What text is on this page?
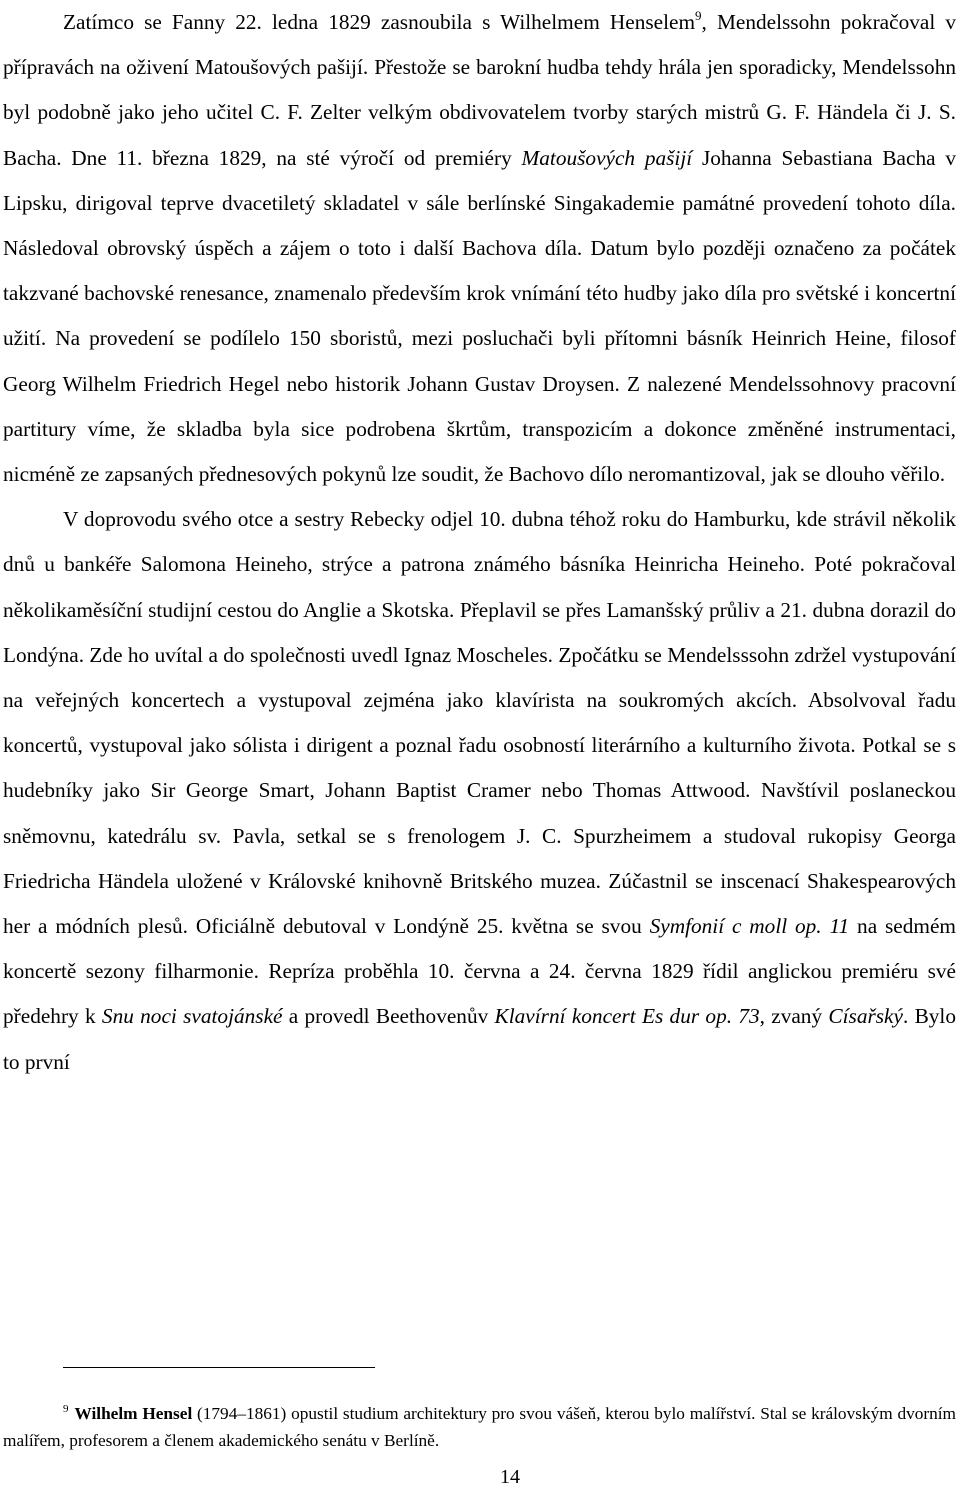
Zatímco se Fanny 22. ledna 1829 zasnoubila s Wilhelmem Henselem$^9$, Mendelssohn pokračoval v přípravách na oživení Matoušových pašijí. Přestože se barokní hudba tehdy hrála jen sporadicky, Mendelssohn byl podobně jako jeho učitel C. F. Zelter velkým obdivovatelem tvorby starých mistrů G. F. Händela či J. S. Bacha. Dne 11. března 1829, na sté výročí od premiéry Matoušových pašijí Johanna Sebastiana Bacha v Lipsku, dirigoval teprve dvacetiletý skladatel v sále berlínské Singakademie památné provedení tohoto díla. Následoval obrovský úspěch a zájem o toto i další Bachova díla. Datum bylo později označeno za počátek takzvané bachovské renesance, znamenalo především krok vnímání této hudby jako díla pro světské i koncertní užití. Na provedení se podílelo 150 sboristů, mezi posluchači byli přítomni básník Heinrich Heine, filosof Georg Wilhelm Friedrich Hegel nebo historik Johann Gustav Droysen. Z nalezené Mendelssohnovy pracovní partitury víme, že skladba byla sice podrobena škrtům, transpozicím a dokonce změněné instrumentaci, nicméně ze zapsaných přednesových pokynů lze soudit, že Bachovo dílo neromantizoval, jak se dlouho věřilo.

V doprovodu svého otce a sestry Rebecky odjel 10. dubna téhož roku do Hamburku, kde strávil několik dnů u bankéře Salomona Heineho, strýce a patrona známého básníka Heinricha Heineho. Poté pokračoval několikaměsíční studijní cestou do Anglie a Skotska. Přeplavil se přes Lamanšský průliv a 21. dubna dorazil do Londýna. Zde ho uvítal a do společnosti uvedl Ignaz Moscheles. Zpočátku se Mendelsssohn zdržel vystupování na veřejných koncertech a vystupoval zejména jako klavírista na soukromých akcích. Absolvoval řadu koncertů, vystupoval jako sólista i dirigent a poznal řadu osobností literárního a kulturního života. Potkal se s hudebníky jako Sir George Smart, Johann Baptist Cramer nebo Thomas Attwood. Navštívil poslaneckou sněmovnu, katedrálu sv. Pavla, setkal se s frenologem J. C. Spurzheimem a studoval rukopisy Georga Friedricha Händela uložené v Královské knihovně Britského muzea. Zúčastnil se inscenací Shakespearových her a módních plesů. Oficiálně debutoval v Londýně 25. května se svou Symfonií c moll op. 11 na sedmém koncertě sezony filharmonie. Repríza proběhla 10. června a 24. června 1829 řídil anglickou premiéru své předehry k Snu noci svatojánské a provedl Beethovenův Klavírní koncert Es dur op. 73, zvaný Císařský. Bylo to první

$^9$ Wilhelm Hensel (1794–1861) opustil studium architektury pro svou vášeň, kterou bylo malířství. Stal se královským dvorním malířem, profesorem a členem akademického senátu v Berlíně.
14
